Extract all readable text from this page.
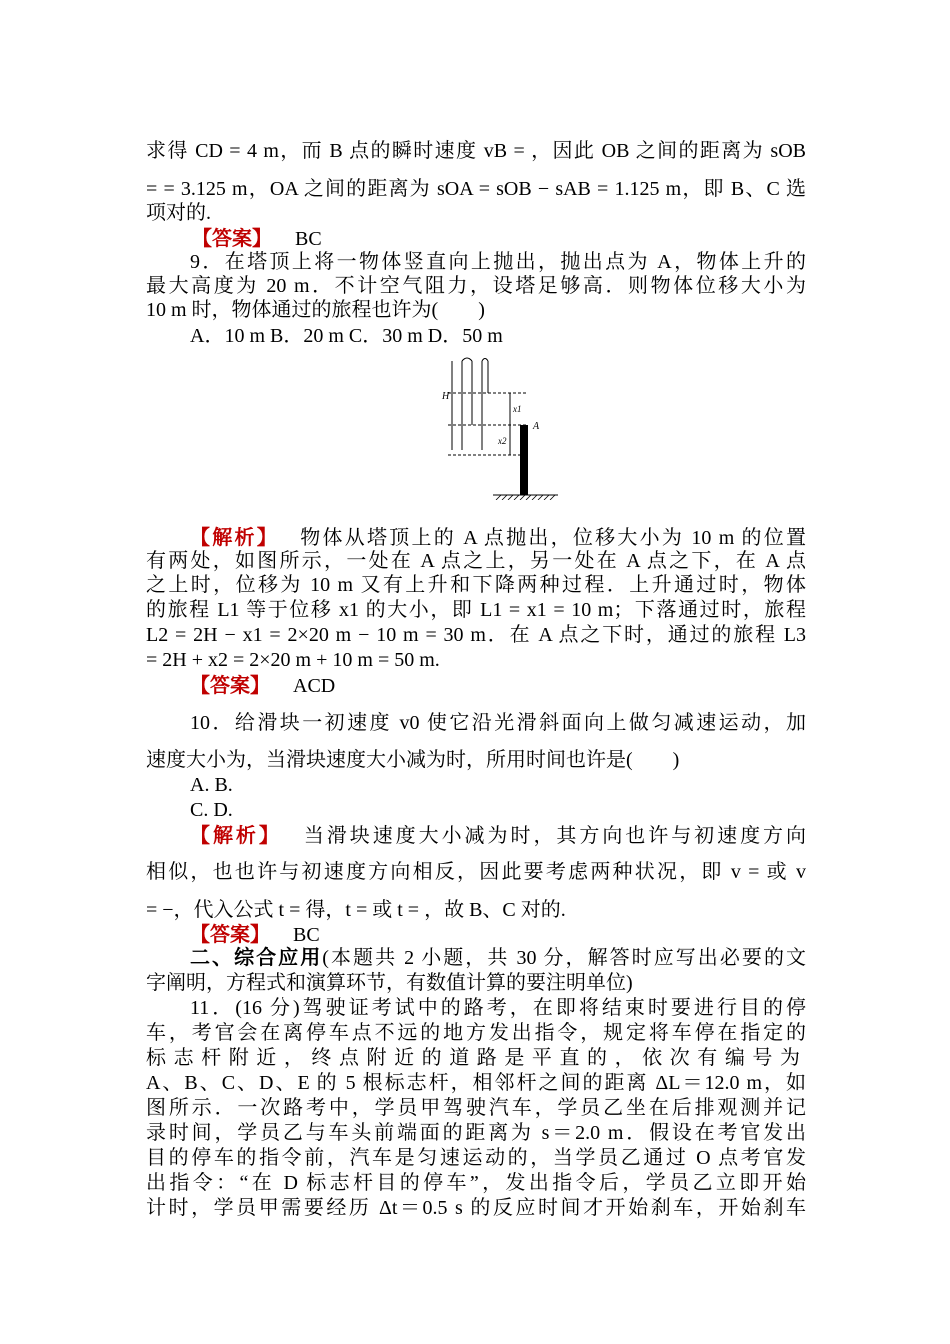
求得 CD = 4 m，而 B 点的瞬时速度 vB = ，因此 OB 之间的距离为 sOB
= = 3.125 m，OA 之间的距离为 sOA = sOB − sAB = 1.125 m，即 B、C 选
项对的.
【答案】 BC
9．在塔顶上将一物体竖直向上抛出，抛出点为 A，物体上升的
最大高度为 20 m．不计空气阻力，设塔足够高．则物体位移大小为
10 m 时，物体通过的旅程也许为(　　)
A．10 m B．20 m C．30 m D．50 m
H
x1
x2
A
【解析】 物体从塔顶上的 A 点抛出，位移大小为 10 m 的位置
有两处，如图所示，一处在 A 点之上，另一处在 A 点之下，在 A 点
之上时，位移为 10 m 又有上升和下降两种过程．上升通过时，物体
的旅程 L1 等于位移 x1 的大小，即 L1 = x1 = 10 m；下落通过时，旅程
L2 = 2H − x1 = 2×20 m − 10 m = 30 m．在 A 点之下时，通过的旅程 L3
= 2H + x2 = 2×20 m + 10 m = 50 m.
【答案】 ACD
10．给滑块一初速度 v0 使它沿光滑斜面向上做匀减速运动，加
速度大小为，当滑块速度大小减为时，所用时间也许是(　　)
A. B.
C. D.
【解析】 当滑块速度大小减为时，其方向也许与初速度方向
相似，也也许与初速度方向相反，因此要考虑两种状况，即 v = 或 v
= −，代入公式 t = 得，t = 或 t = ，故 B、C 对的.
【答案】 BC
二、综合应用(本题共 2 小题，共 30 分，解答时应写出必要的文
字阐明，方程式和演算环节，有数值计算的要注明单位)
11．(16 分)驾驶证考试中的路考，在即将结束时要进行目的停
车，考官会在离停车点不远的地方发出指令，规定将车停在指定的
标志杆附近，终点附近的道路是平直的，依次有编号为
A、B、C、D、E 的 5 根标志杆，相邻杆之间的距离 ΔL＝12.0 m，如
图所示．一次路考中，学员甲驾驶汽车，学员乙坐在后排观测并记
录时间，学员乙与车头前端面的距离为 s＝2.0 m．假设在考官发出
目的停车的指令前，汽车是匀速运动的，当学员乙通过 O 点考官发
出指令：“在 D 标志杆目的停车”，发出指令后，学员乙立即开始
计时，学员甲需要经历 Δt＝0.5 s 的反应时间才开始刹车，开始刹车
